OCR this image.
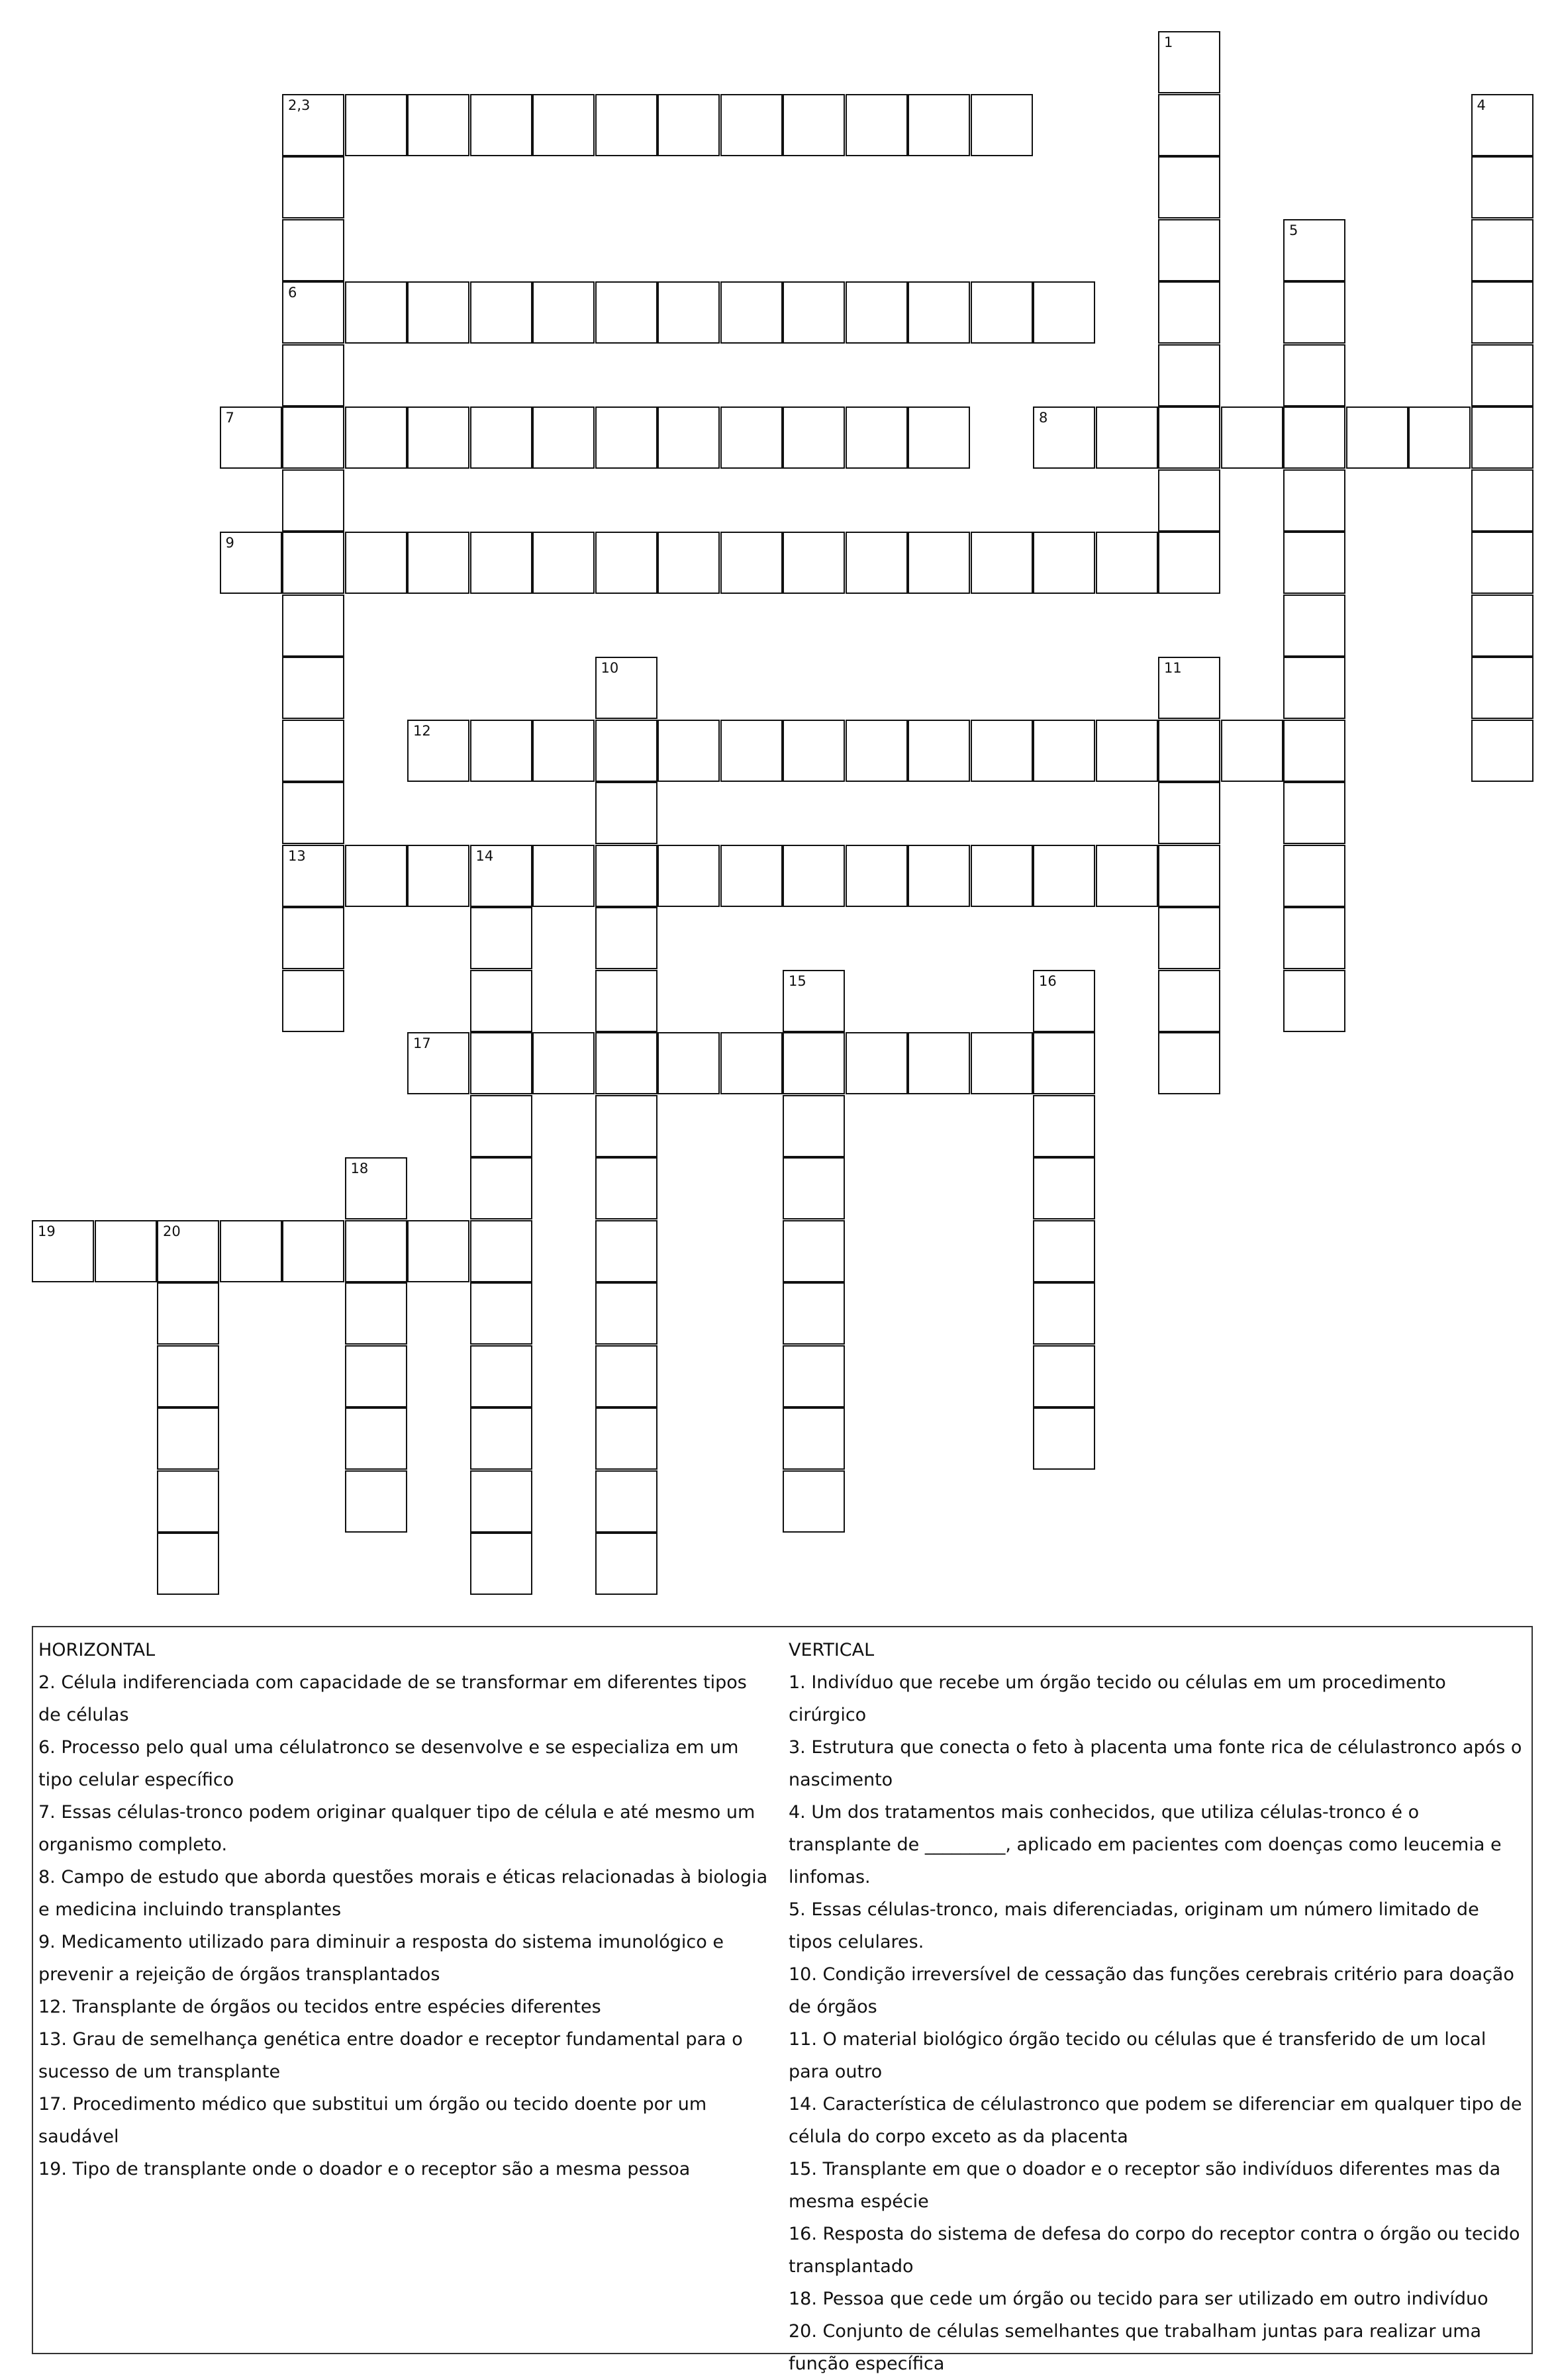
1
2,3
6
13
4
5
7	8
9
10	11
12
14
15	16
17
18
19	20

HORIZONTAL

2. Célula indiferenciada com capacidade de se transformar em diferentes tipos de células

6. Processo pelo qual uma célulatronco se desenvolve e se especializa em um tipo celular específico

7. Essas células-tronco podem originar qualquer tipo de célula e até mesmo um organismo completo.

8. Campo de estudo que aborda questões morais e éticas relacionadas à biologia e medicina incluindo transplantes

9. Medicamento utilizado para diminuir a resposta do sistema imunológico e prevenir a rejeição de órgãos transplantados

12. Transplante de órgãos ou tecidos entre espécies diferentes

13. Grau de semelhança genética entre doador e receptor fundamental para o sucesso de um transplante

17. Procedimento médico que substitui um órgão ou tecido doente por um saudável

19. Tipo de transplante onde o doador e o receptor são a mesma pessoa

VERTICAL

1. Indivíduo que recebe um órgão tecido ou células em um procedimento cirúrgico

3. Estrutura que conecta o feto à placenta uma fonte rica de célulastronco após o nascimento

4. Um dos tratamentos mais conhecidos, que utiliza células-tronco é o transplante de _________, aplicado em pacientes com doenças como leucemia e linfomas.

5. Essas células-tronco, mais diferenciadas, originam um número limitado de tipos celulares.

10. Condição irreversível de cessação das funções cerebrais critério para doação de órgãos

11. O material biológico órgão tecido ou células que é transferido de um local para outro

14. Característica de célulastronco que podem se diferenciar em qualquer tipo de célula do corpo exceto as da placenta

15. Transplante em que o doador e o receptor são indivíduos diferentes mas da mesma espécie

16. Resposta do sistema de defesa do corpo do receptor contra o órgão ou tecido transplantado

18. Pessoa que cede um órgão ou tecido para ser utilizado em outro indivíduo

20. Conjunto de células semelhantes que trabalham juntas para realizar uma função específica
